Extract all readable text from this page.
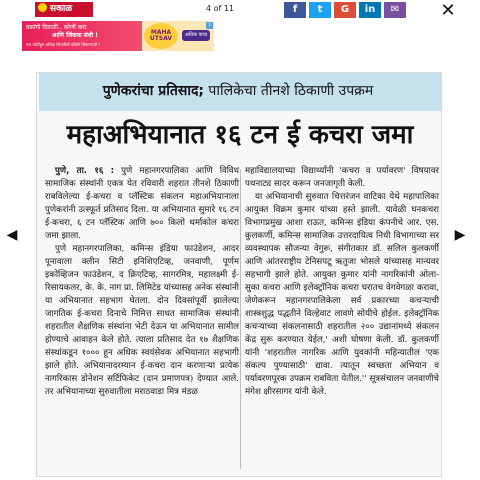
सकाळ	4 of 11	f	t	G	in	✉	✕
वक्रांगी दिवाळी.. कोणी करा
आणि जिंकवा संधी !
एक कोटींहून अधिक किंमतीची बक्षिसे जिंकण्याची !
MAHA UTSAV	अधिक वाचा
i
◀	▶
पुणेकरांचा प्रतिसाद; पालिकेचा तीनशे ठिकाणी उपक्रम
महाअभियानात १६ टन ई कचरा जमा

पुणे, ता. १६ : पुणे महानगरपालिका आणि विविध सामाजिक संस्थांनी एकत्र येत रविवारी शहरात तीनशे ठिकाणी राबविलेल्या ई-कचरा व प्लॅस्टिक संकलन महाअभियानाला पुणेकरांनी उत्स्फूर्त प्रतिसाद दिला. या अभियानात सुमारे १६ टन ई-कचरा, ६ टन प्लॅस्टिक आणि ७०० किलो थर्माकोल कचरा जमा झाला.

पुणे महानगरपालिका, कमिन्स इंडिया फाउंडेशन, आदर पूनावाला क्लीन सिटी इनिशिएटिव्ह, जनवाणी, पूर्णम इकोव्हिजन फाउंडेशन, द क्रिएटिव्ह, सागरमित्र, महालक्ष्मी ई- रिसायकलर, के. के. नाग प्रा. लिमिटेड यांच्यासह अनेक संस्थांनी या अभियानात सहभाग घेतला. दोन दिवसांपूर्वी झालेल्या जागतिक ई-कचरा दिनाचे निमित्त साधत सामाजिक संस्थांनी शहरातील शैक्षणिक संस्थांना भेटी देऊन या अभियानात सामील होण्याचे आवाहन केले होते. त्याला प्रतिसाद देत १७ शैक्षणिक संस्थांकडून १००० हून अधिक स्वयंसेवक अभियानात सहभागी झाले होते. अभियानादरम्यान ई-कचरा दान करणाऱ्या प्रत्येक नागरिकास डोनेशन सर्टिफिकेट (दान प्रमाणपत्र) देण्यात आले. तर अभियानाच्या सुरुवातीला मराठवाडा मित्र मंडळ

महाविद्यालयाच्या विद्यार्थ्यांनी 'कचरा व पर्यावरण' विषयावर पथनाट्य सादर करून जनजागृती केली.

या अभियानाची सुरुवात चित्तरंजन वाटिका येथे महापालिका आयुक्त विक्रम कुमार यांच्या हस्ते झाली. यावेळी घनकचरा विभागप्रमुख आशा राऊत, कमिन्स इंडिया कंपनीचे आर. एस. कुलकर्णी, कमिन्स सामाजिक उत्तरदायित्व निधी विभागाच्या सर व्यवस्थापक सौजन्या वेगुरू, संगीतकार डॉ. सलिल कुलकर्णी आणि आंतरराष्ट्रीय टेनिसपटू ऋतुजा भोसले यांच्यासह मान्यवर सहभागी झाले होते. आयुक्त कुमार यांनी नागरिकांनी ओला-सुका कचरा आणि इलेक्ट्रॉनिक कचरा घरातच वेगवेगळा करावा, जेणेकरून महानगरपालिकेला सर्व प्रकारच्या कचऱ्याची शास्त्रशुद्ध पद्धतीने विल्हेवाट लावणे सोयीचे होईल. इलेक्ट्रॉनिक कचऱ्याच्या संकलनासाठी शहरातील २०० उद्यानांमध्ये संकलन केंद्र सुरू करण्यात येईल,' अशी घोषणा केली. डॉ. कुलकर्णी यांनी 'शहरातील नागरिक आणि युवकांनी महिन्यातील 'एक संकल्प पुण्यासाठी' द्यावा. त्यातून स्वच्छता अभियान व पर्यावरणपूरक उपक्रम राबविता येतील.'' सूत्रसंचालन जनवाणीचे मंगेश क्षीरसागर यांनी केले.
